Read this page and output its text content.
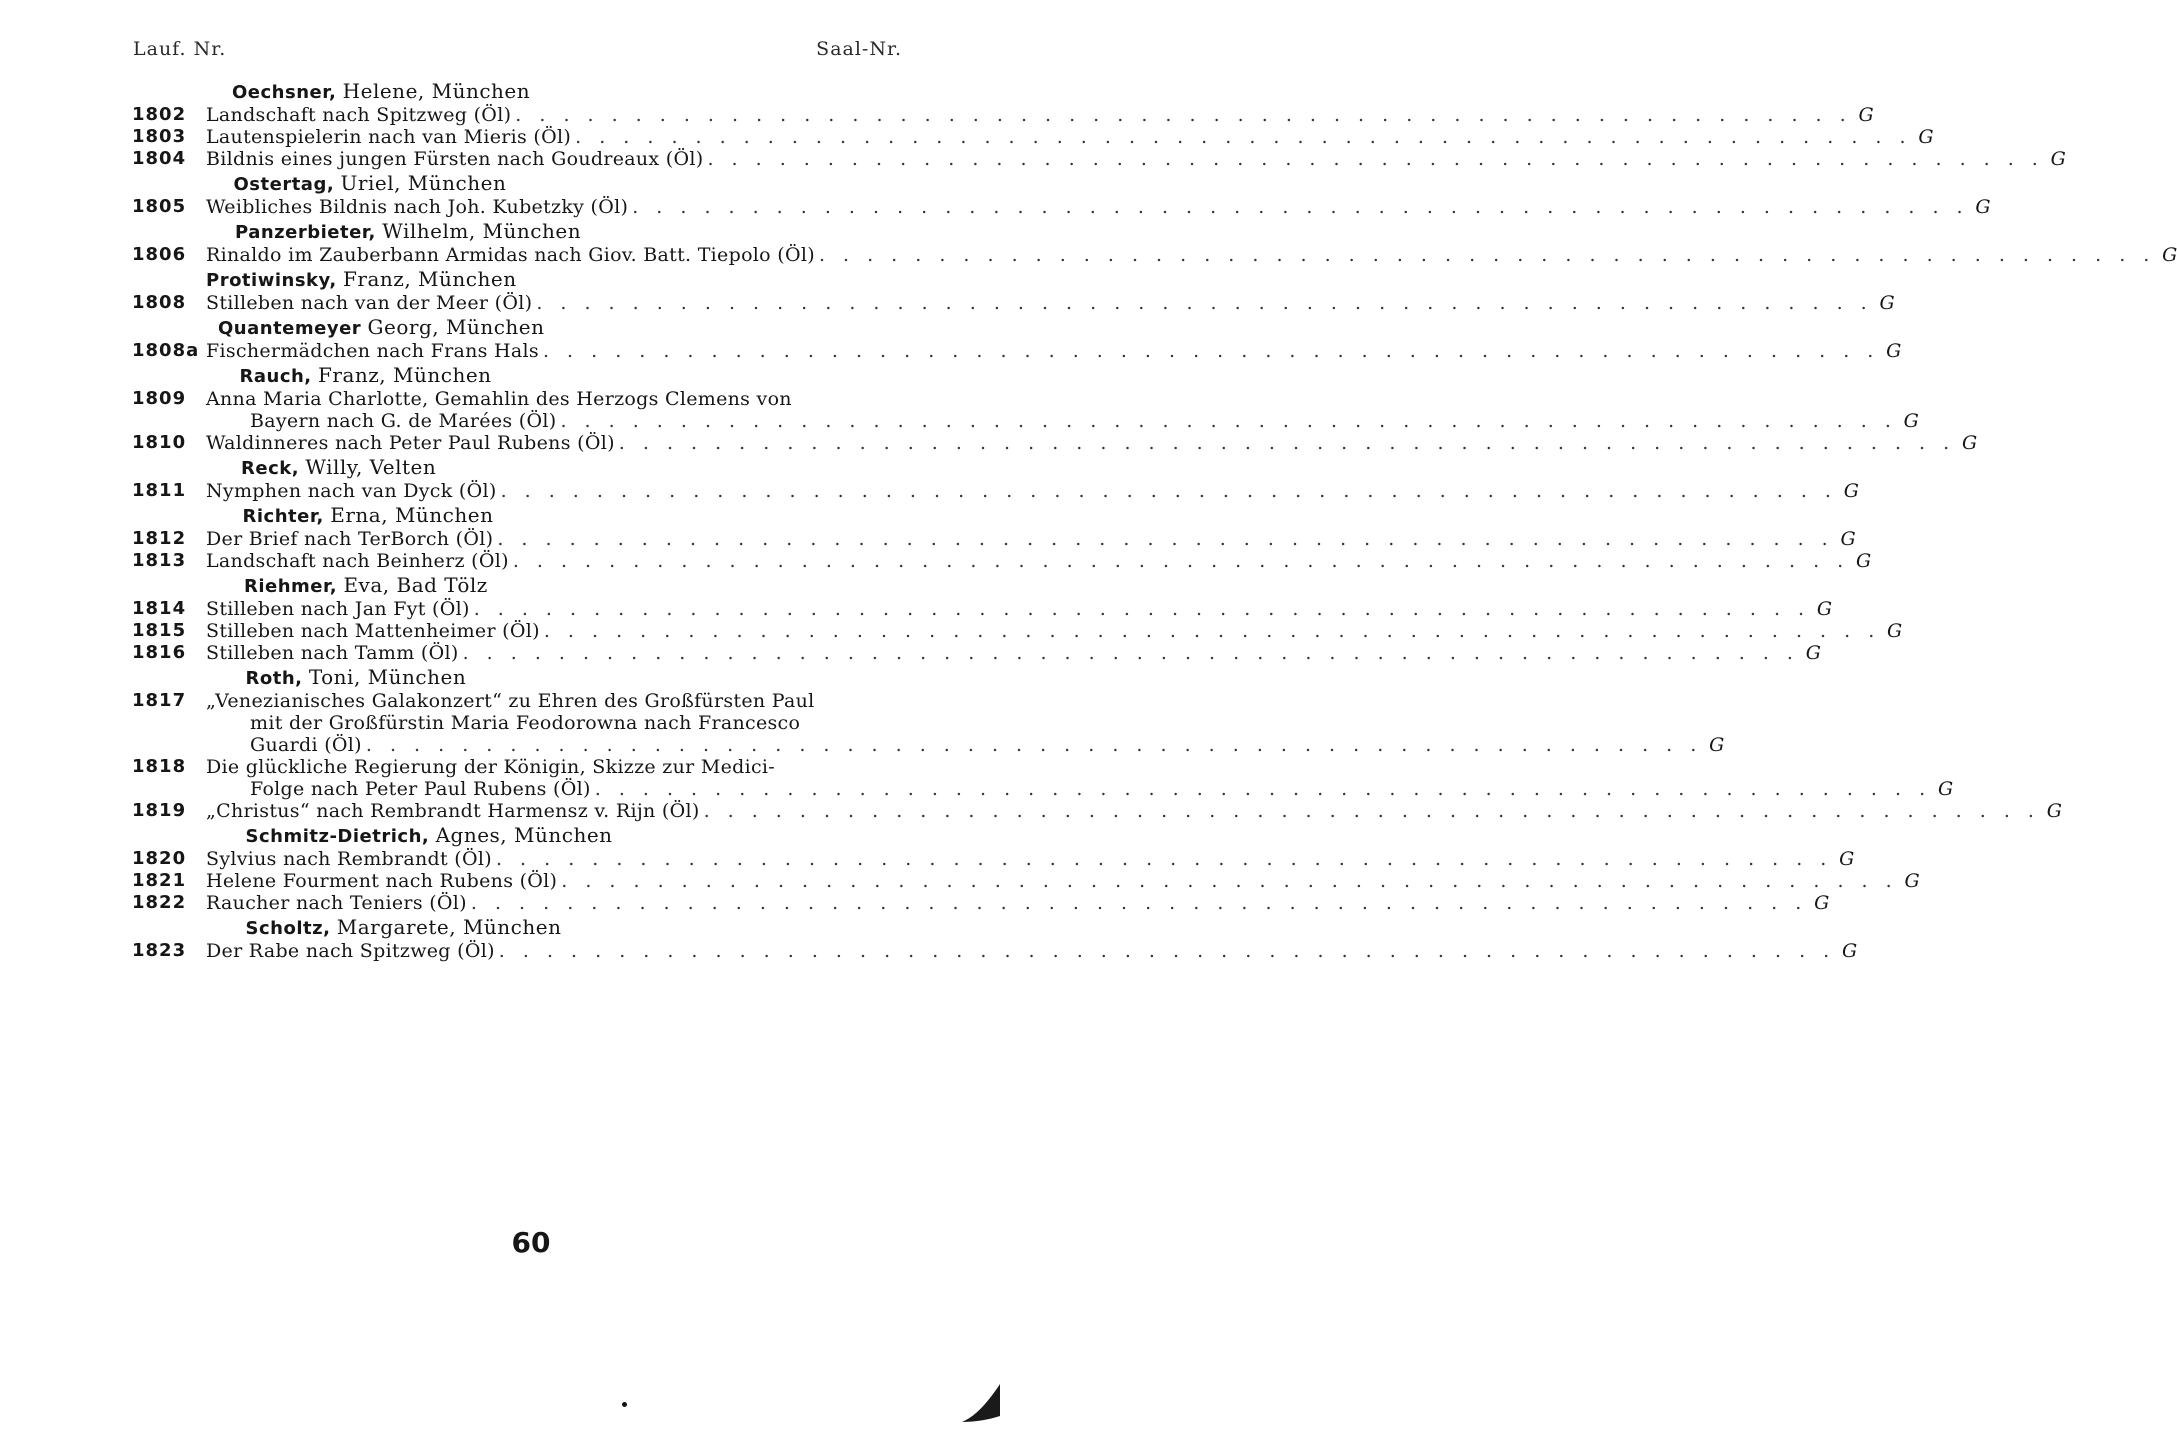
Lauf. Nr.	Saal-Nr.
Oechsner, Helene, München
1802	Landschaft nach Spitzweg (Öl) . . . . . . . . . . . . . . . . . . . . . . . . . . . . . . . . . . . . . . . . . . . . . . . . . . . . . . . . G
1803	Lautenspielerin nach van Mieris (Öl) . . . . . . . . . . . . . . . . . . . . . . . . . . . . . . . . . . . . . . . . . . . . . . . . . . . . . . . . G
1804	Bildnis eines jungen Fürsten nach Goudreaux (Öl) . . . . . . . . . . . . . . . . . . . . . . . . . . . . . . . . . . . . . . . . . . . . . . . . . . . . . . . . G
Ostertag, Uriel, München
1805	Weibliches Bildnis nach Joh. Kubetzky (Öl) . . . . . . . . . . . . . . . . . . . . . . . . . . . . . . . . . . . . . . . . . . . . . . . . . . . . . . . . G
Panzerbieter, Wilhelm, München
1806	Rinaldo im Zauberbann Armidas nach Giov. Batt. Tiepolo (Öl) . . . . . . . . . . . . . . . . . . . . . . . . . . . . . . . . . . . . . . . . . . . . . . . . . . . . . . . . G
Protiwinsky, Franz, München
1808	Stilleben nach van der Meer (Öl) . . . . . . . . . . . . . . . . . . . . . . . . . . . . . . . . . . . . . . . . . . . . . . . . . . . . . . . . G
Quantemeyer Georg, München
1808a Fischermädchen nach Frans Hals . . . . . . . . . . . . . . . . . . . . . . . . . . . . . . . . . . . . . . . . . . . . . . . . . . . . . . . . G
Rauch, Franz, München
1809	Anna Maria Charlotte, Gemahlin des Herzogs Clemens von
Bayern nach G. de Marées (Öl) . . . . . . . . . . . . . . . . . . . . . . . . . . . . . . . . . . . . . . . . . . . . . . . . . . . . . . . . G
1810	Waldinneres nach Peter Paul Rubens (Öl) . . . . . . . . . . . . . . . . . . . . . . . . . . . . . . . . . . . . . . . . . . . . . . . . . . . . . . . . G
Reck, Willy, Velten
1811	Nymphen nach van Dyck (Öl) . . . . . . . . . . . . . . . . . . . . . . . . . . . . . . . . . . . . . . . . . . . . . . . . . . . . . . . . G
Richter, Erna, München
1812	Der Brief nach TerBorch (Öl) . . . . . . . . . . . . . . . . . . . . . . . . . . . . . . . . . . . . . . . . . . . . . . . . . . . . . . . . G
1813	Landschaft nach Beinherz (Öl) . . . . . . . . . . . . . . . . . . . . . . . . . . . . . . . . . . . . . . . . . . . . . . . . . . . . . . . . G
Riehmer, Eva, Bad Tölz
1814	Stilleben nach Jan Fyt (Öl) . . . . . . . . . . . . . . . . . . . . . . . . . . . . . . . . . . . . . . . . . . . . . . . . . . . . . . . . G
1815	Stilleben nach Mattenheimer (Öl) . . . . . . . . . . . . . . . . . . . . . . . . . . . . . . . . . . . . . . . . . . . . . . . . . . . . . . . . G
1816	Stilleben nach Tamm (Öl) . . . . . . . . . . . . . . . . . . . . . . . . . . . . . . . . . . . . . . . . . . . . . . . . . . . . . . . . G
Roth, Toni, München
1817	„Venezianisches Galakonzert“ zu Ehren des Großfürsten Paul
mit der Großfürstin Maria Feodorowna nach Francesco
Guardi (Öl) . . . . . . . . . . . . . . . . . . . . . . . . . . . . . . . . . . . . . . . . . . . . . . . . . . . . . . . . G
1818	Die glückliche Regierung der Königin, Skizze zur Medici-
Folge nach Peter Paul Rubens (Öl) . . . . . . . . . . . . . . . . . . . . . . . . . . . . . . . . . . . . . . . . . . . . . . . . . . . . . . . . G
1819	„Christus“ nach Rembrandt Harmensz v. Rijn (Öl) . . . . . . . . . . . . . . . . . . . . . . . . . . . . . . . . . . . . . . . . . . . . . . . . . . . . . . . . G
Schmitz-Dietrich, Agnes, München
1820	Sylvius nach Rembrandt (Öl) . . . . . . . . . . . . . . . . . . . . . . . . . . . . . . . . . . . . . . . . . . . . . . . . . . . . . . . . G
1821	Helene Fourment nach Rubens (Öl) . . . . . . . . . . . . . . . . . . . . . . . . . . . . . . . . . . . . . . . . . . . . . . . . . . . . . . . . G
1822	Raucher nach Teniers (Öl) . . . . . . . . . . . . . . . . . . . . . . . . . . . . . . . . . . . . . . . . . . . . . . . . . . . . . . . . G
Scholtz, Margarete, München
1823	Der Rabe nach Spitzweg (Öl) . . . . . . . . . . . . . . . . . . . . . . . . . . . . . . . . . . . . . . . . . . . . . . . . . . . . . . . . G
60
